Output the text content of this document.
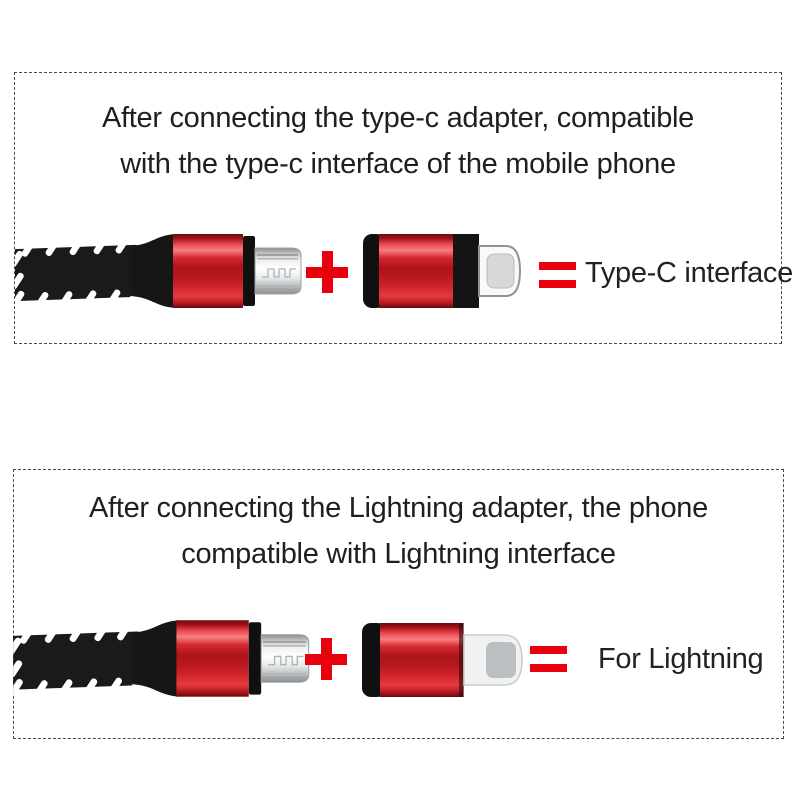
After connecting the type-c adapter, compatible
with the type-c interface of the mobile phone
Type-C interface
After connecting the Lightning adapter, the phone
compatible with Lightning interface
For Lightning
